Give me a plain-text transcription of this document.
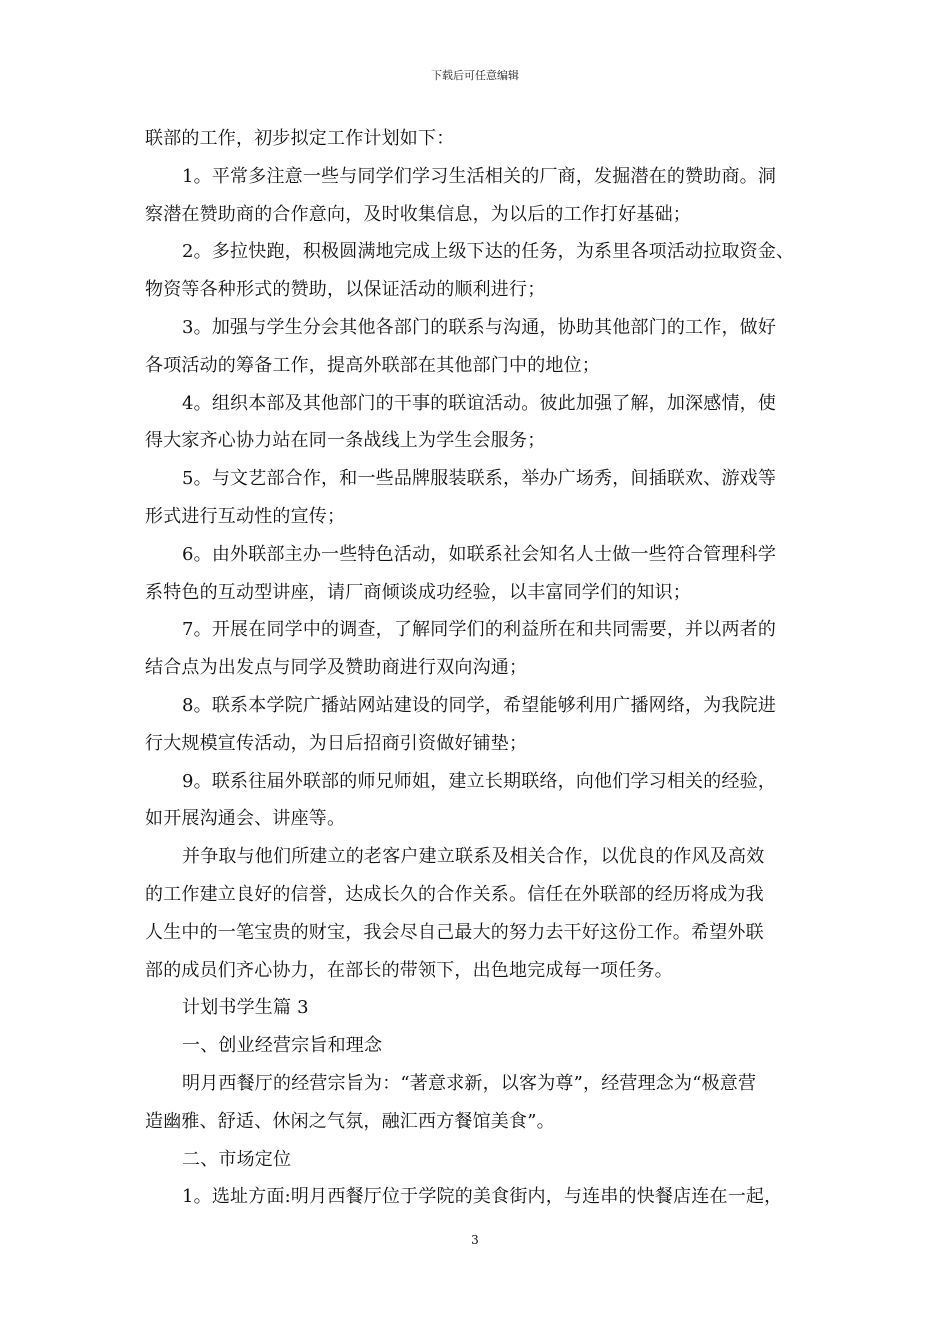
下载后可任意编辑
联部的工作，初步拟定工作计划如下：
1。平常多注意一些与同学们学习生活相关的厂商，发掘潜在的赞助商。洞
察潜在赞助商的合作意向，及时收集信息，为以后的工作打好基础；
2。多拉快跑，积极圆满地完成上级下达的任务，为系里各项活动拉取资金、
物资等各种形式的赞助，以保证活动的顺利进行；
3。加强与学生分会其他各部门的联系与沟通，协助其他部门的工作，做好
各项活动的筹备工作，提高外联部在其他部门中的地位；
4。组织本部及其他部门的干事的联谊活动。彼此加强了解，加深感情，使
得大家齐心协力站在同一条战线上为学生会服务；
5。与文艺部合作，和一些品牌服装联系，举办广场秀，间插联欢、游戏等
形式进行互动性的宣传；
6。由外联部主办一些特色活动，如联系社会知名人士做一些符合管理科学
系特色的互动型讲座，请厂商倾谈成功经验，以丰富同学们的知识；
7。开展在同学中的调查，了解同学们的利益所在和共同需要，并以两者的
结合点为出发点与同学及赞助商进行双向沟通；
8。联系本学院广播站网站建设的同学，希望能够利用广播网络，为我院进
行大规模宣传活动，为日后招商引资做好铺垫；
9。联系往届外联部的师兄师姐，建立长期联络，向他们学习相关的经验，
如开展沟通会、讲座等。
并争取与他们所建立的老客户建立联系及相关合作，以优良的作风及高效
的工作建立良好的信誉，达成长久的合作关系。信任在外联部的经历将成为我
人生中的一笔宝贵的财宝，我会尽自己最大的努力去干好这份工作。希望外联
部的成员们齐心协力，在部长的带领下，出色地完成每一项任务。
计划书学生篇 3
一、创业经营宗旨和理念
明月西餐厅的经营宗旨为：“著意求新，以客为尊”，经营理念为“极意营
造幽雅、舒适、休闲之气氛，融汇西方餐馆美食”。
二、市场定位
1。选址方面:明月西餐厅位于学院的美食街内，与连串的快餐店连在一起，
3
